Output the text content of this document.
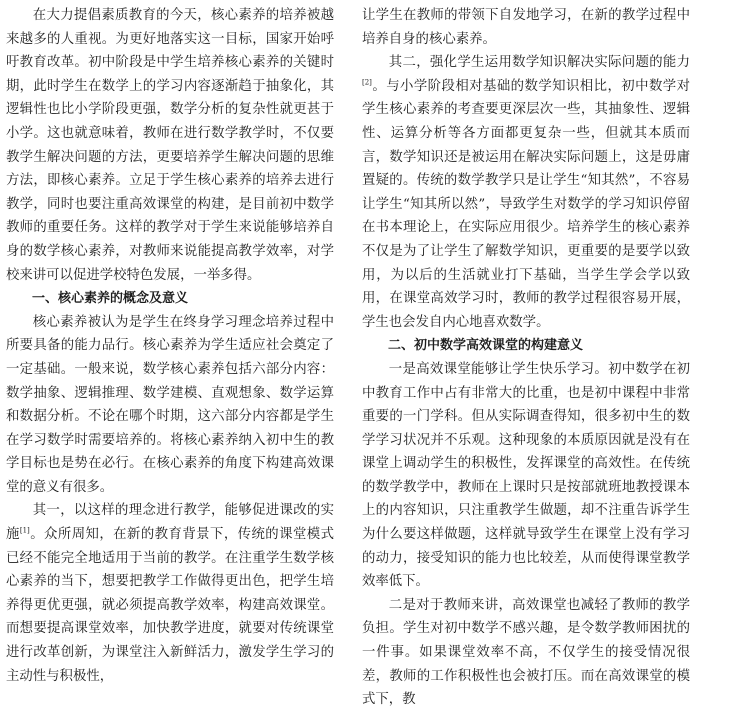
在大力提倡素质教育的今天，核心素养的培养被越来越多的人重视。为更好地落实这一目标，国家开始呼吁教育改革。初中阶段是中学生培养核心素养的关键时期，此时学生在数学上的学习内容逐渐趋于抽象化，其逻辑性也比小学阶段更强，数学分析的复杂性就更甚于小学。这也就意味着，教师在进行数学教学时，不仅要教学生解决问题的方法，更要培养学生解决问题的思维方法，即核心素养。立足于学生核心素养的培养去进行教学，同时也要注重高效课堂的构建，是目前初中数学教师的重要任务。这样的教学对于学生来说能够培养自身的数学核心素养，对教师来说能提高教学效率，对学校来讲可以促进学校特色发展，一举多得。

一、核心素养的概念及意义

核心素养被认为是学生在终身学习理念培养过程中所要具备的能力品行。核心素养为学生适应社会奠定了一定基础。一般来说，数学核心素养包括六部分内容：数学抽象、逻辑推理、数学建模、直观想象、数学运算和数据分析。不论在哪个时期，这六部分内容都是学生在学习数学时需要培养的。将核心素养纳入初中生的教学目标也是势在必行。在核心素养的角度下构建高效课堂的意义有很多。

其一，以这样的理念进行教学，能够促进课改的实施[1]。众所周知，在新的教育背景下，传统的课堂模式已经不能完全地适用于当前的教学。在注重学生数学核心素养的当下，想要把教学工作做得更出色，把学生培养得更优更强，就必须提高教学效率，构建高效课堂。而想要提高课堂效率，加快教学进度，就要对传统课堂进行改革创新，为课堂注入新鲜活力，激发学生学习的主动性与积极性，

让学生在教师的带领下自发地学习，在新的教学过程中培养自身的核心素养。

其二，强化学生运用数学知识解决实际问题的能力[2]。与小学阶段相对基础的数学知识相比，初中数学对学生核心素养的考查要更深层次一些，其抽象性、逻辑性、运算分析等各方面都更复杂一些，但就其本质而言，数学知识还是被运用在解决实际问题上，这是毋庸置疑的。传统的数学教学只是让学生“知其然”，不容易让学生“知其所以然”，导致学生对数学的学习知识停留在书本理论上，在实际应用很少。培养学生的核心素养不仅是为了让学生了解数学知识，更重要的是要学以致用，为以后的生活就业打下基础，当学生学会学以致用，在课堂高效学习时，教师的教学过程很容易开展，学生也会发自内心地喜欢数学。

二、初中数学高效课堂的构建意义

一是高效课堂能够让学生快乐学习。初中数学在初中教育工作中占有非常大的比重，也是初中课程中非常重要的一门学科。但从实际调查得知，很多初中生的数学学习状况并不乐观。这种现象的本质原因就是没有在课堂上调动学生的积极性，发挥课堂的高效性。在传统的数学教学中，教师在上课时只是按部就班地教授课本上的内容知识，只注重教学生做题，却不注重告诉学生为什么要这样做题，这样就导致学生在课堂上没有学习的动力，接受知识的能力也比较差，从而使得课堂教学效率低下。

二是对于教师来讲，高效课堂也减轻了教师的教学负担。学生对初中数学不感兴趣，是令数学教师困扰的一件事。如果课堂效率不高，不仅学生的接受情况很差，教师的工作积极性也会被打压。而在高效课堂的模式下，教
